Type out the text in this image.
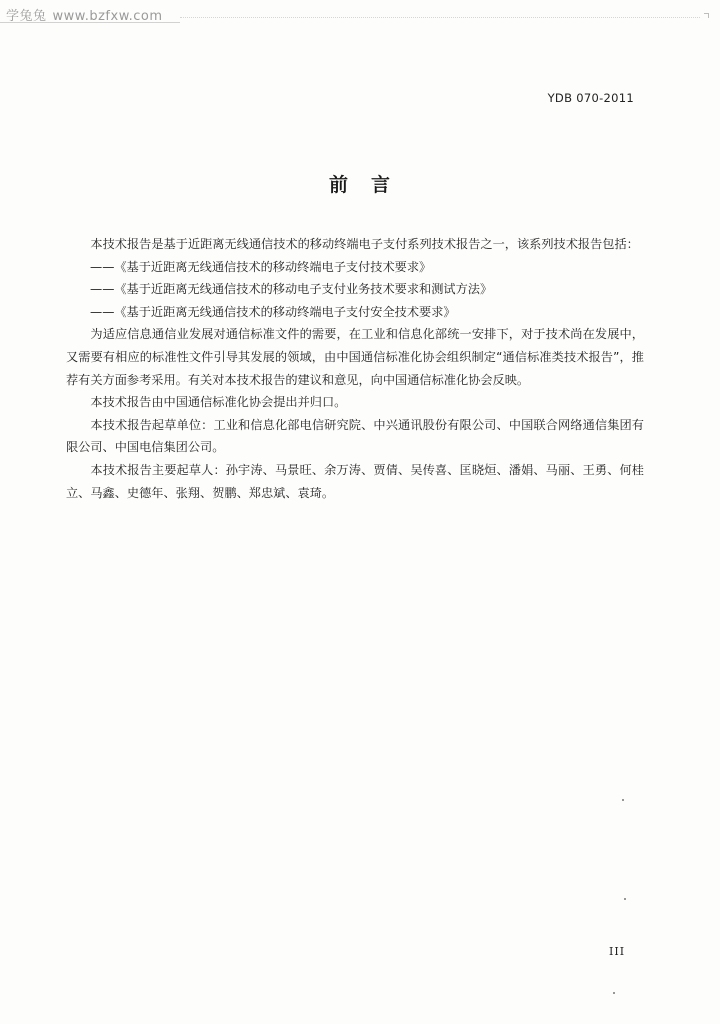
学兔兔 www.bzfxw.com
YDB 070-2011
前 言

本技术报告是基于近距离无线通信技术的移动终端电子支付系列技术报告之一，该系列技术报告包括：

——《基于近距离无线通信技术的移动终端电子支付技术要求》

——《基于近距离无线通信技术的移动电子支付业务技术要求和测试方法》

——《基于近距离无线通信技术的移动终端电子支付安全技术要求》

为适应信息通信业发展对通信标准文件的需要，在工业和信息化部统一安排下，对于技术尚在发展中，又需要有相应的标准性文件引导其发展的领域，由中国通信标准化协会组织制定“通信标准类技术报告”，推荐有关方面参考采用。有关对本技术报告的建议和意见，向中国通信标准化协会反映。

本技术报告由中国通信标准化协会提出并归口。

本技术报告起草单位：工业和信息化部电信研究院、中兴通讯股份有限公司、中国联合网络通信集团有限公司、中国电信集团公司。

本技术报告主要起草人：孙宇涛、马景旺、余万涛、贾倩、吴传喜、匡晓烜、潘娟、马丽、王勇、何桂立、马鑫、史德年、张翔、贺鹏、郑忠斌、袁琦。

III
